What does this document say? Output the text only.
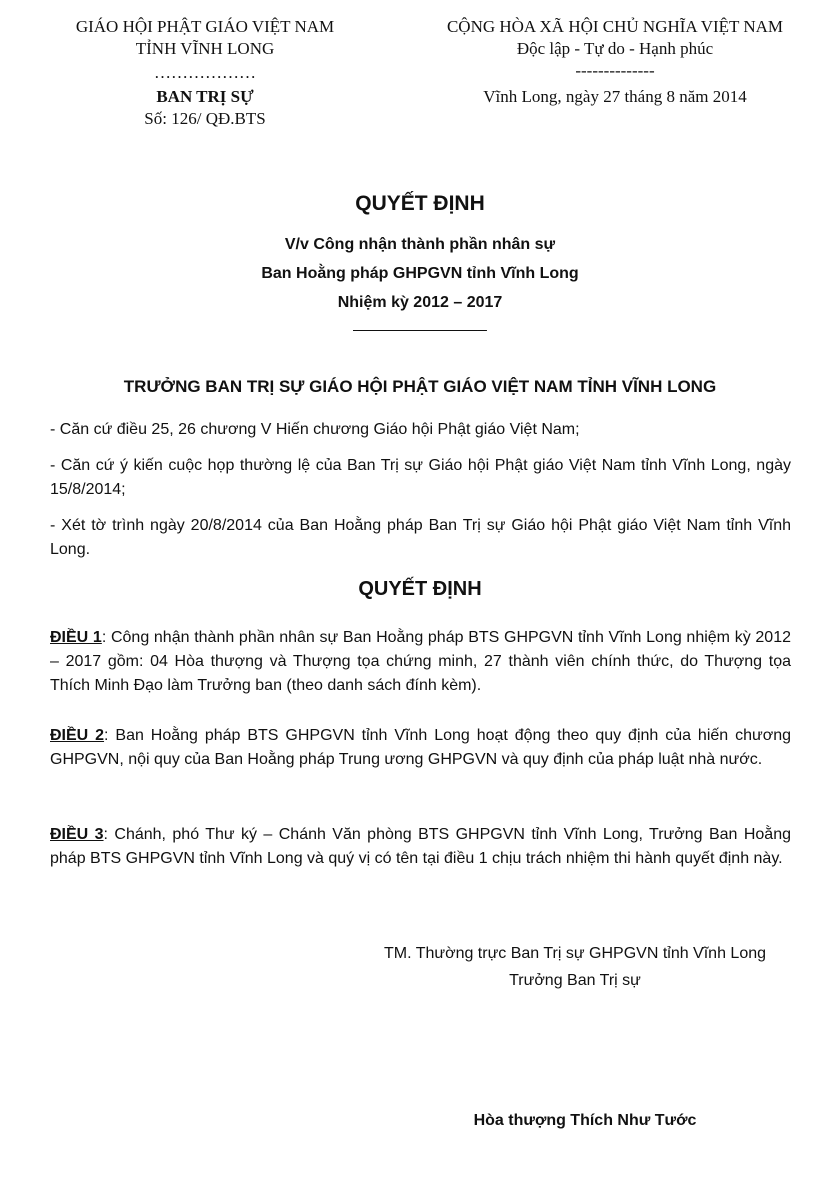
GIÁO HỘI PHẬT GIÁO VIỆT NAM
TỈNH VĨNH LONG
………………
BAN TRỊ SỰ
Số: 126/ QĐ.BTS
CỘNG HÒA XÃ HỘI CHỦ NGHĨA VIỆT NAM
Độc lập - Tự do - Hạnh phúc
--------------
Vĩnh Long, ngày 27 tháng 8 năm 2014
QUYẾT ĐỊNH
V/v Công nhận thành phần nhân sự
Ban Hoằng pháp GHPGVN tỉnh Vĩnh Long
Nhiệm kỳ 2012 – 2017
_______________
TRƯỞNG BAN TRỊ SỰ GIÁO HỘI PHẬT GIÁO VIỆT NAM TỈNH VĨNH LONG
- Căn cứ điều 25, 26 chương V Hiến chương Giáo hội Phật giáo Việt Nam;
- Căn cứ ý kiến cuộc họp thường lệ của Ban Trị sự Giáo hội Phật giáo Việt Nam tỉnh Vĩnh Long, ngày 15/8/2014;
- Xét tờ trình ngày 20/8/2014 của Ban Hoằng pháp Ban Trị sự Giáo hội Phật giáo Việt Nam tỉnh Vĩnh Long.
QUYẾT ĐỊNH
ĐIỀU 1: Công nhận thành phần nhân sự Ban Hoằng pháp BTS GHPGVN tỉnh Vĩnh Long nhiệm kỳ 2012 – 2017 gồm: 04 Hòa thượng và Thượng tọa chứng minh, 27 thành viên chính thức, do Thượng tọa Thích Minh Đạo làm Trưởng ban (theo danh sách đính kèm).
ĐIỀU 2: Ban Hoằng pháp BTS GHPGVN tỉnh Vĩnh Long hoạt động theo quy định của hiến chương GHPGVN, nội quy của Ban Hoằng pháp Trung ương GHPGVN và quy định của pháp luật nhà nước.
ĐIỀU 3: Chánh, phó Thư ký – Chánh Văn phòng BTS GHPGVN tỉnh Vĩnh Long, Trưởng Ban Hoằng pháp BTS GHPGVN tỉnh Vĩnh Long và quý vị có tên tại điều 1 chịu trách nhiệm thi hành quyết định này.
TM. Thường trực Ban Trị sự GHPGVN tỉnh Vĩnh Long
Trưởng Ban Trị sự
Hòa thượng Thích Như Tước
